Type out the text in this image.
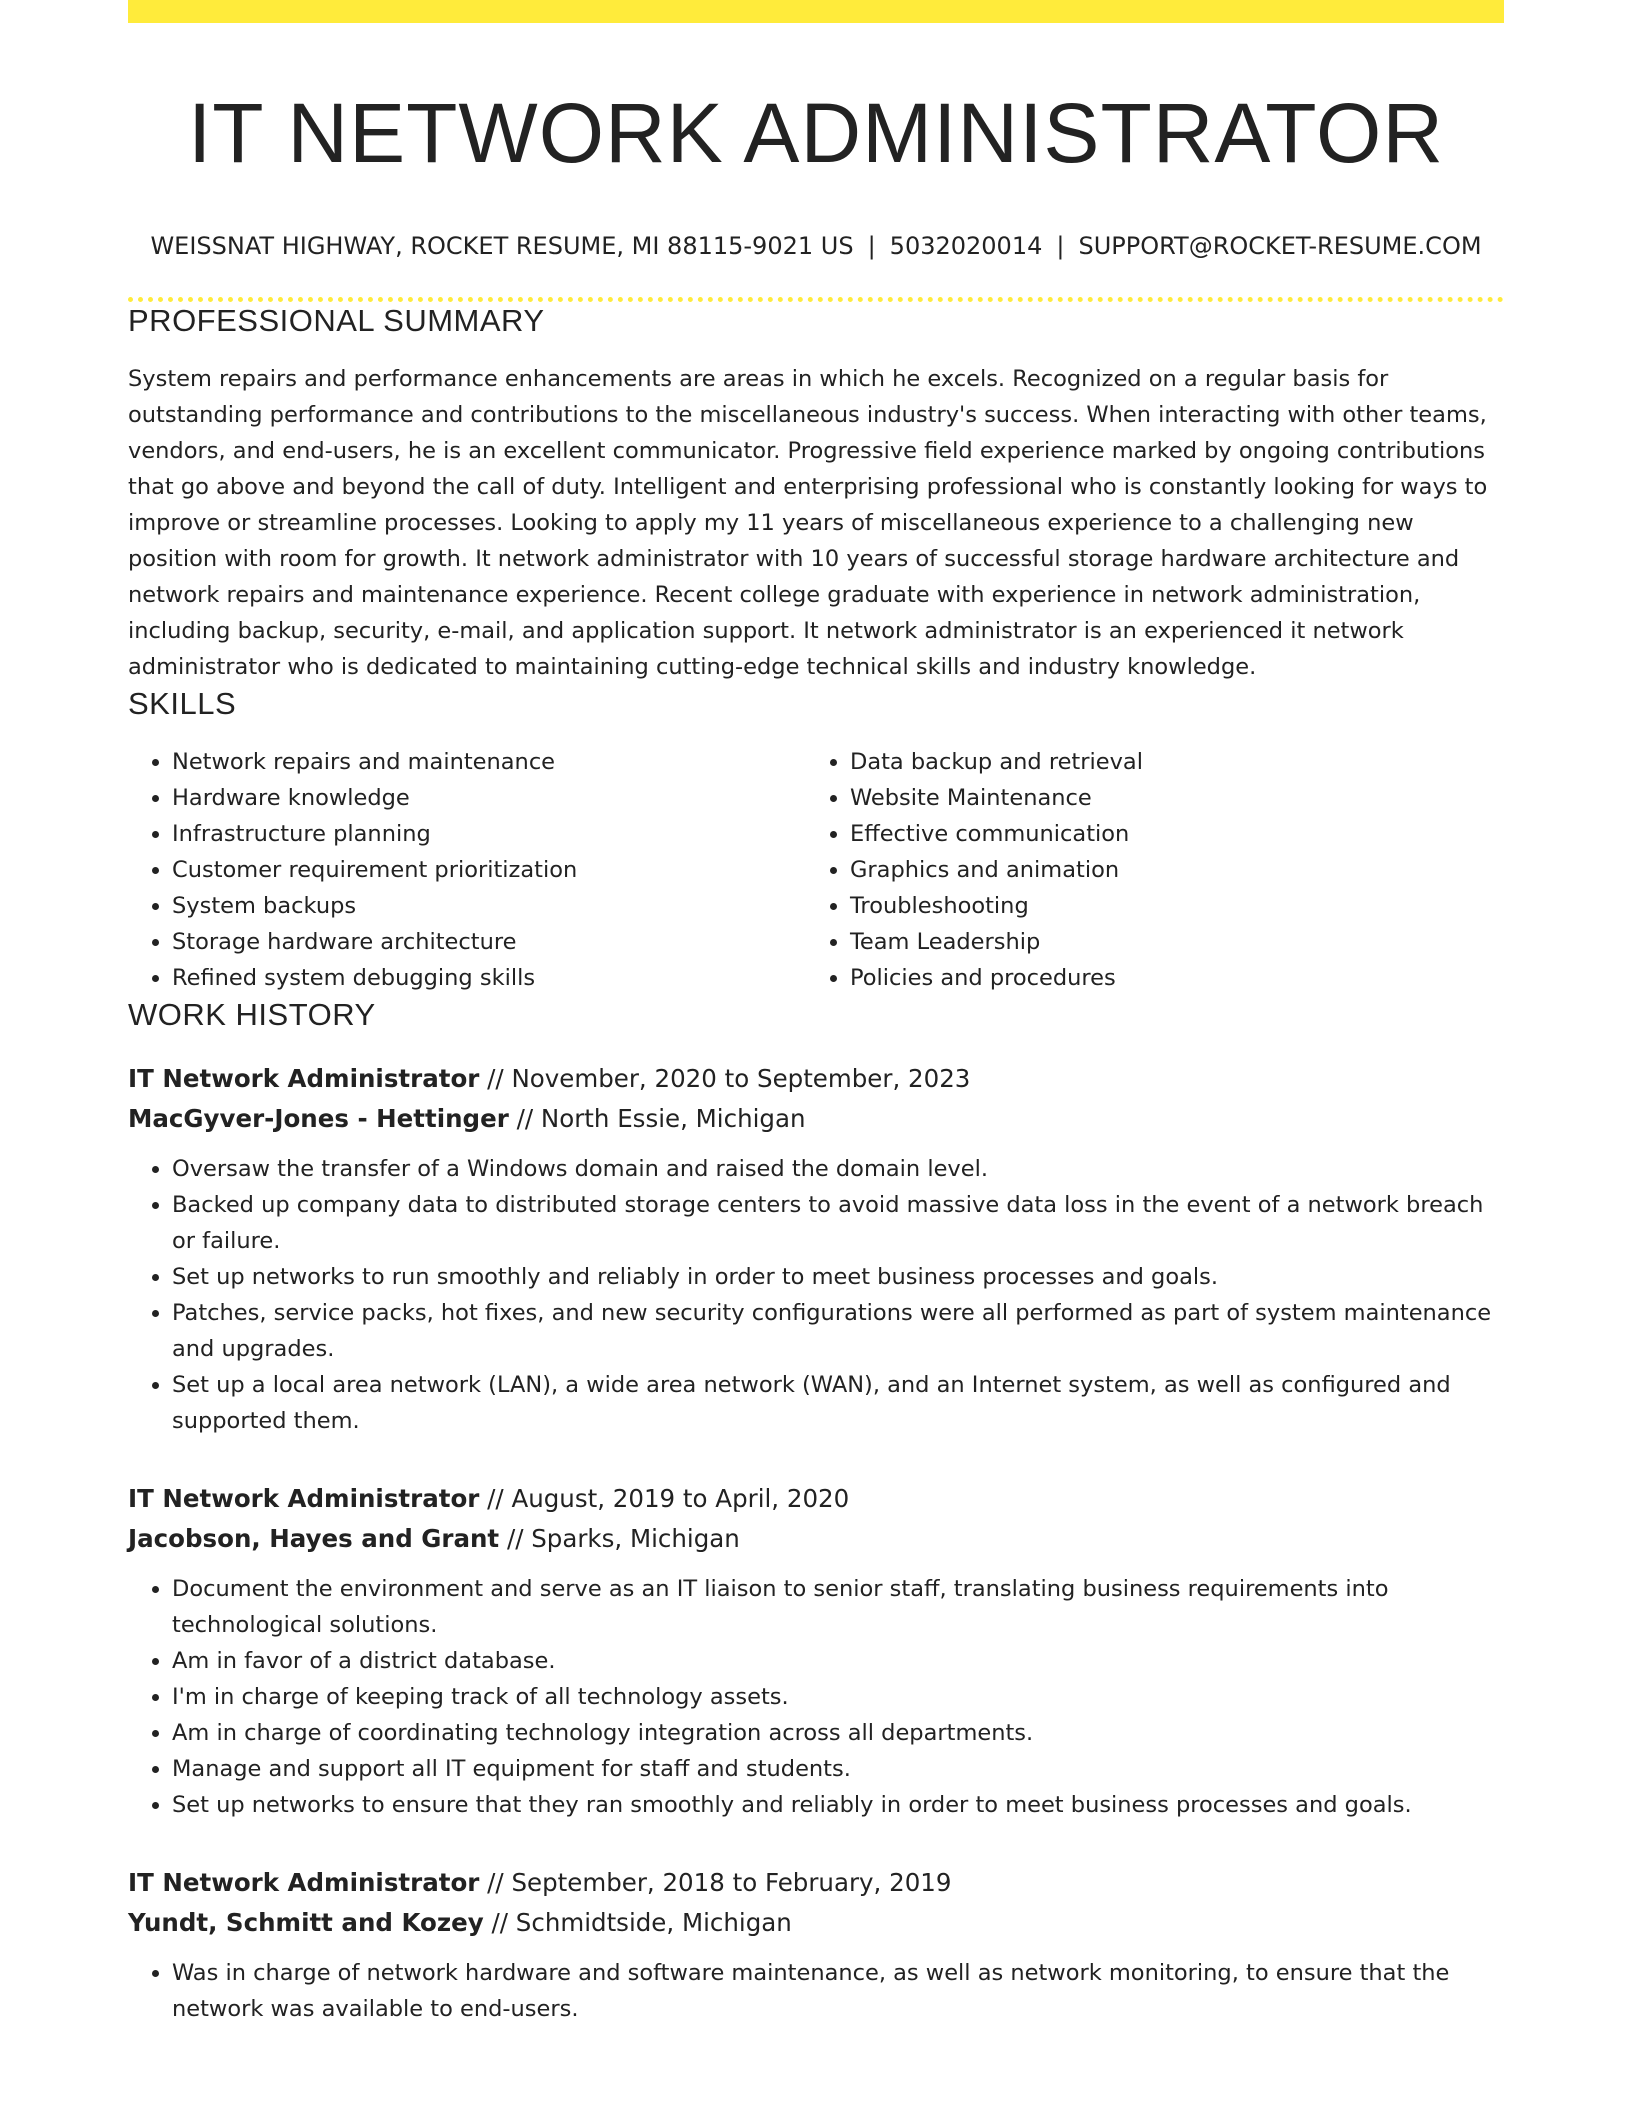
IT NETWORK ADMINISTRATOR
WEISSNAT HIGHWAY, ROCKET RESUME, MI 88115-9021 US | 5032020014 | SUPPORT@ROCKET-RESUME.COM
PROFESSIONAL SUMMARY

System repairs and performance enhancements are areas in which he excels. Recognized on a regular basis for outstanding performance and contributions to the miscellaneous industry's success. When interacting with other teams, vendors, and end-users, he is an excellent communicator. Progressive field experience marked by ongoing contributions that go above and beyond the call of duty. Intelligent and enterprising professional who is constantly looking for ways to improve or streamline processes. Looking to apply my 11 years of miscellaneous experience to a challenging new position with room for growth. It network administrator with 10 years of successful storage hardware architecture and network repairs and maintenance experience. Recent college graduate with experience in network administration, including backup, security, e-mail, and application support. It network administrator is an experienced it network administrator who is dedicated to maintaining cutting-edge technical skills and industry knowledge.

SKILLS
• Network repairs and maintenance
• Hardware knowledge
• Infrastructure planning
• Customer requirement prioritization
• System backups
• Storage hardware architecture
• Refined system debugging skills
• Data backup and retrieval
• Website Maintenance
• Effective communication
• Graphics and animation
• Troubleshooting
• Team Leadership
• Policies and procedures
WORK HISTORY
IT Network Administrator // November, 2020 to September, 2023
MacGyver-Jones - Hettinger // North Essie, Michigan
• Oversaw the transfer of a Windows domain and raised the domain level.
• Backed up company data to distributed storage centers to avoid massive data loss in the event of a network breach or failure.
• Set up networks to run smoothly and reliably in order to meet business processes and goals.
• Patches, service packs, hot fixes, and new security configurations were all performed as part of system maintenance and upgrades.
• Set up a local area network (LAN), a wide area network (WAN), and an Internet system, as well as configured and supported them.
IT Network Administrator // August, 2019 to April, 2020
Jacobson, Hayes and Grant // Sparks, Michigan
• Document the environment and serve as an IT liaison to senior staff, translating business requirements into technological solutions.
• Am in favor of a district database.
• I'm in charge of keeping track of all technology assets.
• Am in charge of coordinating technology integration across all departments.
• Manage and support all IT equipment for staff and students.
• Set up networks to ensure that they ran smoothly and reliably in order to meet business processes and goals.
IT Network Administrator // September, 2018 to February, 2019
Yundt, Schmitt and Kozey // Schmidtside, Michigan
• Was in charge of network hardware and software maintenance, as well as network monitoring, to ensure that the network was available to end-users.
